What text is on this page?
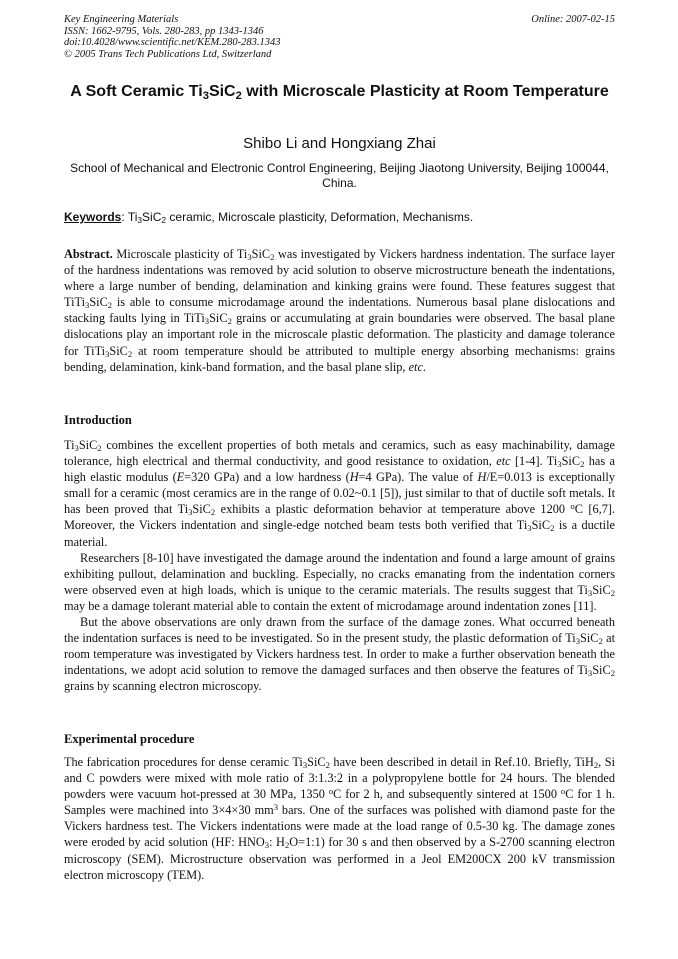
Key Engineering Materials
ISSN: 1662-9795, Vols. 280-283, pp 1343-1346
doi:10.4028/www.scientific.net/KEM.280-283.1343
© 2005 Trans Tech Publications Ltd, Switzerland
Online: 2007-02-15
A Soft Ceramic $Ti_3SiC_2$ with Microscale Plasticity at Room Temperature
Shibo Li and Hongxiang Zhai
School of Mechanical and Electronic Control Engineering, Beijing Jiaotong University, Beijing 100044, China.
Keywords: $Ti_3SiC_2$ ceramic, Microscale plasticity, Deformation, Mechanisms.

Abstract. Microscale plasticity of $Ti_3SiC_2$ was investigated by Vickers hardness indentation. The surface layer of the hardness indentations was removed by acid solution to observe microstructure beneath the indentations, where a large number of bending, delamination and kinking grains were found. These features suggest that TiTi$_3$SiC$_2$ is able to consume microdamage around the indentations. Numerous basal plane dislocations and stacking faults lying in TiTi$_3$SiC$_2$ grains or accumulating at grain boundaries were observed. The basal plane dislocations play an important role in the microscale plastic deformation. The plasticity and damage tolerance for TiTi$_3$SiC$_2$ at room temperature should be attributed to multiple energy absorbing mechanisms: grains bending, delamination, kink-band formation, and the basal plane slip, etc.

Introduction

$Ti_3SiC_2$ combines the excellent properties of both metals and ceramics, such as easy machinability, damage tolerance, high electrical and thermal conductivity, and good resistance to oxidation, etc [1-4]. $Ti_3SiC_2$ has a high elastic modulus (E=320 GPa) and a low hardness (H=4 GPa). The value of H/E=0.013 is exceptionally small for a ceramic (most ceramics are in the range of 0.02~0.1 [5]), just similar to that of ductile soft metals. It has been proved that $Ti_3SiC_2$ exhibits a plastic deformation behavior at temperature above 1200 $^o$C [6,7]. Moreover, the Vickers indentation and single-edge notched beam tests both verified that $Ti_3SiC_2$ is a ductile material.

Researchers [8-10] have investigated the damage around the indentation and found a large amount of grains exhibiting pullout, delamination and buckling. Especially, no cracks emanating from the indentation corners were observed even at high loads, which is unique to the ceramic materials. The results suggest that $Ti_3SiC_2$ may be a damage tolerant material able to contain the extent of microdamage around indentation zones [11].

But the above observations are only drawn from the surface of the damage zones. What occurred beneath the indentation surfaces is need to be investigated. So in the present study, the plastic deformation of $Ti_3SiC_2$ at room temperature was investigated by Vickers hardness test. In order to make a further observation beneath the indentations, we adopt acid solution to remove the damaged surfaces and then observe the features of $Ti_3SiC_2$ grains by scanning electron microscopy.

Experimental procedure

The fabrication procedures for dense ceramic $Ti_3SiC_2$ have been described in detail in Ref.10. Briefly, TiH$_2$, Si and C powders were mixed with mole ratio of 3:1.3:2 in a polypropylene bottle for 24 hours. The blended powders were vacuum hot-pressed at 30 MPa, 1350 $^o$C for 2 h, and subsequently sintered at 1500 $^o$C for 1 h. Samples were machined into 3×4×30 $mm^3$ bars. One of the surfaces was polished with diamond paste for the Vickers hardness test. The Vickers indentations were made at the load range of 0.5-30 kg. The damage zones were eroded by acid solution (HF: $HNO_3$: $H_2O=1:1$) for 30 s and then observed by a S-2700 scanning electron microscopy (SEM). Microstructure observation was performed in a Jeol EM200CX 200 kV transmission electron microscopy (TEM).
